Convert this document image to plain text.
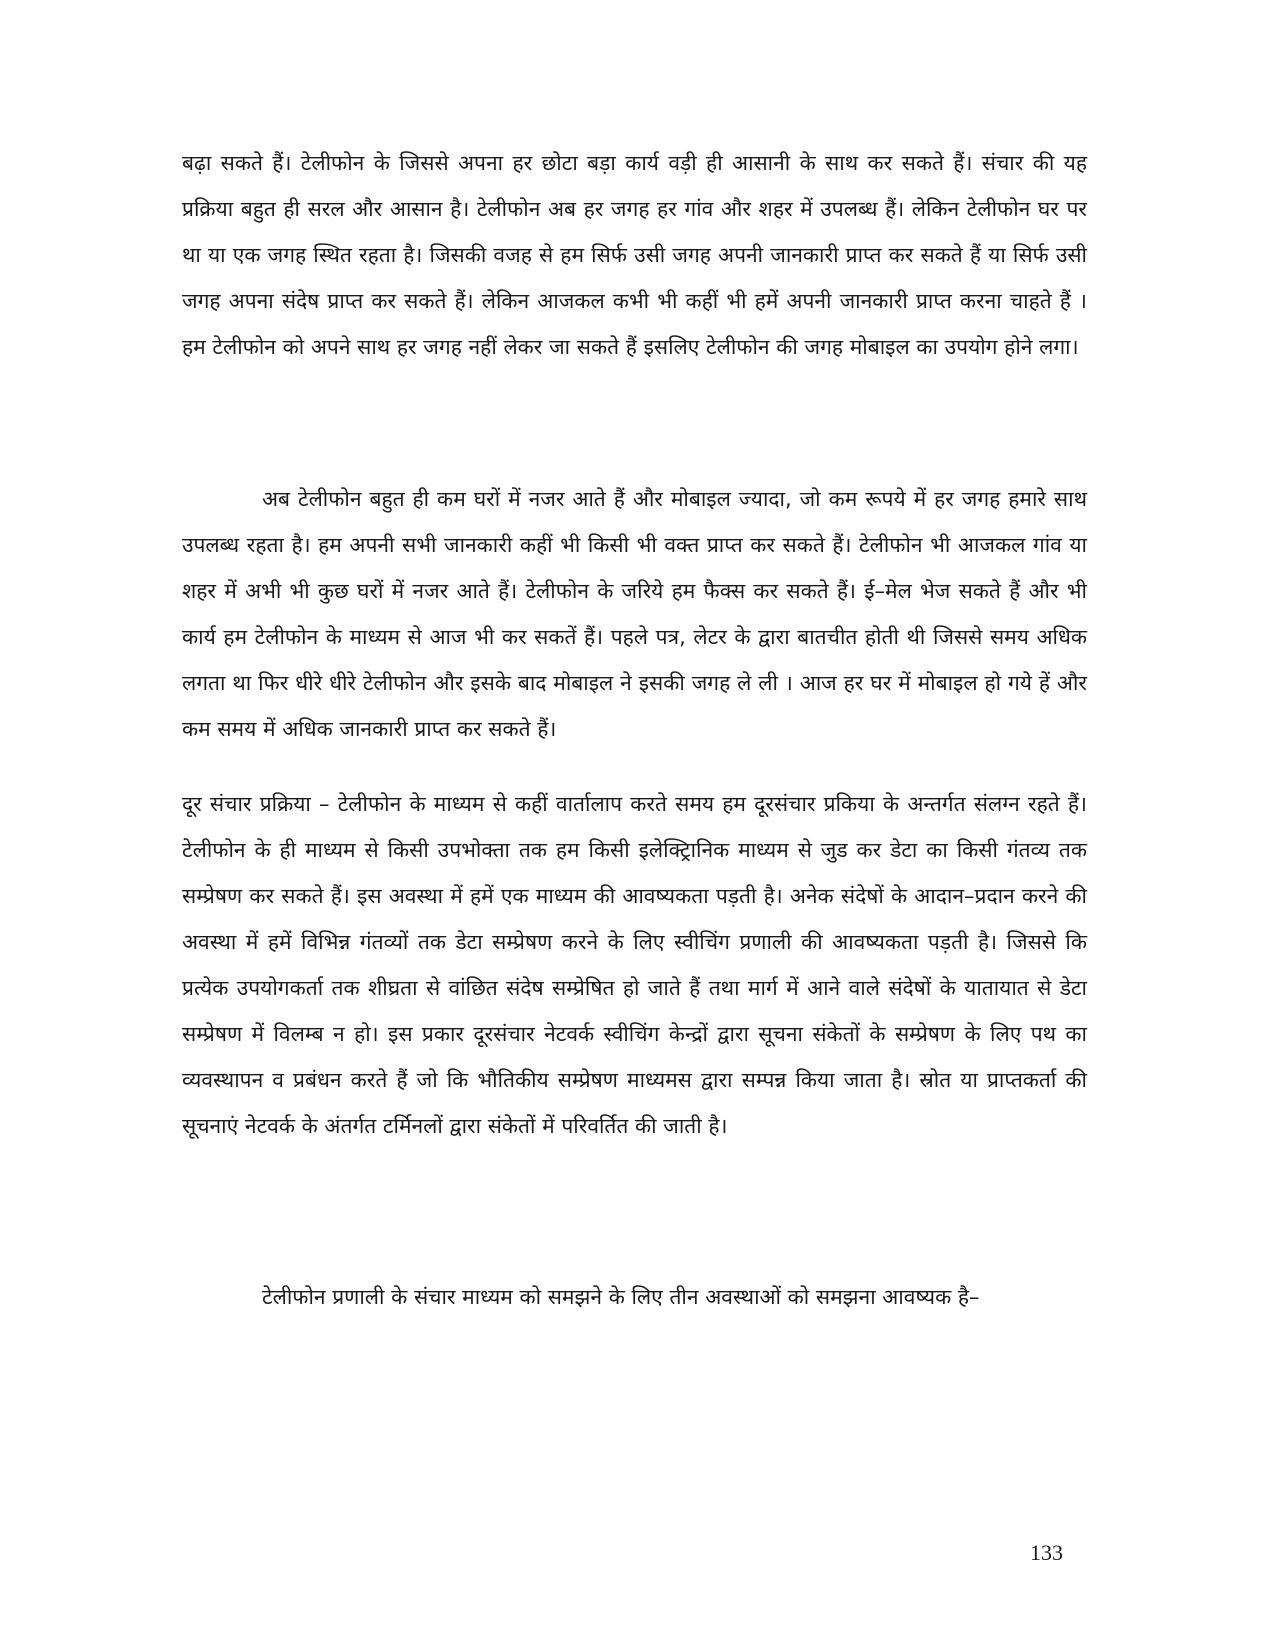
बढ़ा सकते हैं। टेलीफोन के जिससे अपना हर छोटा बड़ा कार्य वड़ी ही आसानी के साथ कर सकते हैं। संचार की यह प्रक्रिया बहुत ही सरल और आसान है। टेलीफोन अब हर जगह हर गांव और शहर में उपलब्ध हैं। लेकिन टेलीफोन घर पर था या एक जगह स्थित रहता है। जिसकी वजह से हम सिर्फ उसी जगह अपनी जानकारी प्राप्त कर सकते हैं या सिर्फ उसी जगह अपना संदेष प्राप्त कर सकते हैं। लेकिन आजकल कभी भी कहीं भी हमें अपनी जानकारी प्राप्त करना चाहते हैं । हम टेलीफोन को अपने साथ हर जगह नहीं लेकर जा सकते हैं इसलिए टेलीफोन की जगह मोबाइल का उपयोग होने लगा।

अब टेलीफोन बहुत ही कम घरों में नजर आते हैं और मोबाइल ज्यादा, जो कम रूपये में हर जगह हमारे साथ उपलब्ध रहता है। हम अपनी सभी जानकारी कहीं भी किसी भी वक्त प्राप्त कर सकते हैं। टेलीफोन भी आजकल गांव या शहर में अभी भी कुछ घरों में नजर आते हैं। टेलीफोन के जरिये हम फैक्स कर सकते हैं। ई–मेल भेज सकते हैं और भी कार्य हम टेलीफोन के माध्यम से आज भी कर सकतें हैं। पहले पत्र, लेटर के द्वारा बातचीत होती थी जिससे समय अधिक लगता था फिर धीरे धीरे टेलीफोन और इसके बाद मोबाइल ने इसकी जगह ले ली । आज हर घर में मोबाइल हो गये हें और कम समय में अधिक जानकारी प्राप्त कर सकते हैं।

दूर संचार प्रक्रिया – टेलीफोन के माध्यम से कहीं वार्तालाप करते समय हम दूरसंचार प्रकिया के अन्तर्गत संलग्न रहते हैं। टेलीफोन के ही माध्यम से किसी उपभोक्ता तक हम किसी इलेक्ट्रिानिक माध्यम से जुड कर डेटा का किसी गंतव्य तक सम्प्रेषण कर सकते हैं। इस अवस्था में हमें एक माध्यम की आवष्यकता पड़ती है। अनेक संदेषों के आदान–प्रदान करने की अवस्था में हमें विभिन्न गंतव्यों तक डेटा सम्प्रेषण करने के लिए स्वीचिंग प्रणाली की आवष्यकता पड़ती है। जिससे कि प्रत्येक उपयोगकर्ता तक शीघ्रता से वांछित संदेष सम्प्रेषित हो जाते हैं तथा मार्ग में आने वाले संदेषों के यातायात से डेटा सम्प्रेषण में विलम्ब न हो। इस प्रकार दूरसंचार नेटवर्क स्वीचिंग केन्द्रों द्वारा सूचना संकेतों के सम्प्रेषण के लिए पथ का व्यवस्थापन व प्रबंधन करते हैं जो कि भौतिकीय सम्प्रेषण माध्यमस द्वारा सम्पन्न किया जाता है। स्रोत या प्राप्तकर्ता की सूचनाएं नेटवर्क के अंतर्गत टर्मिनलों द्वारा संकेतों में परिवर्तित की जाती है।

टेलीफोन प्रणाली के संचार माध्यम को समझने के लिए तीन अवस्थाओं को समझना आवष्यक है–

133
